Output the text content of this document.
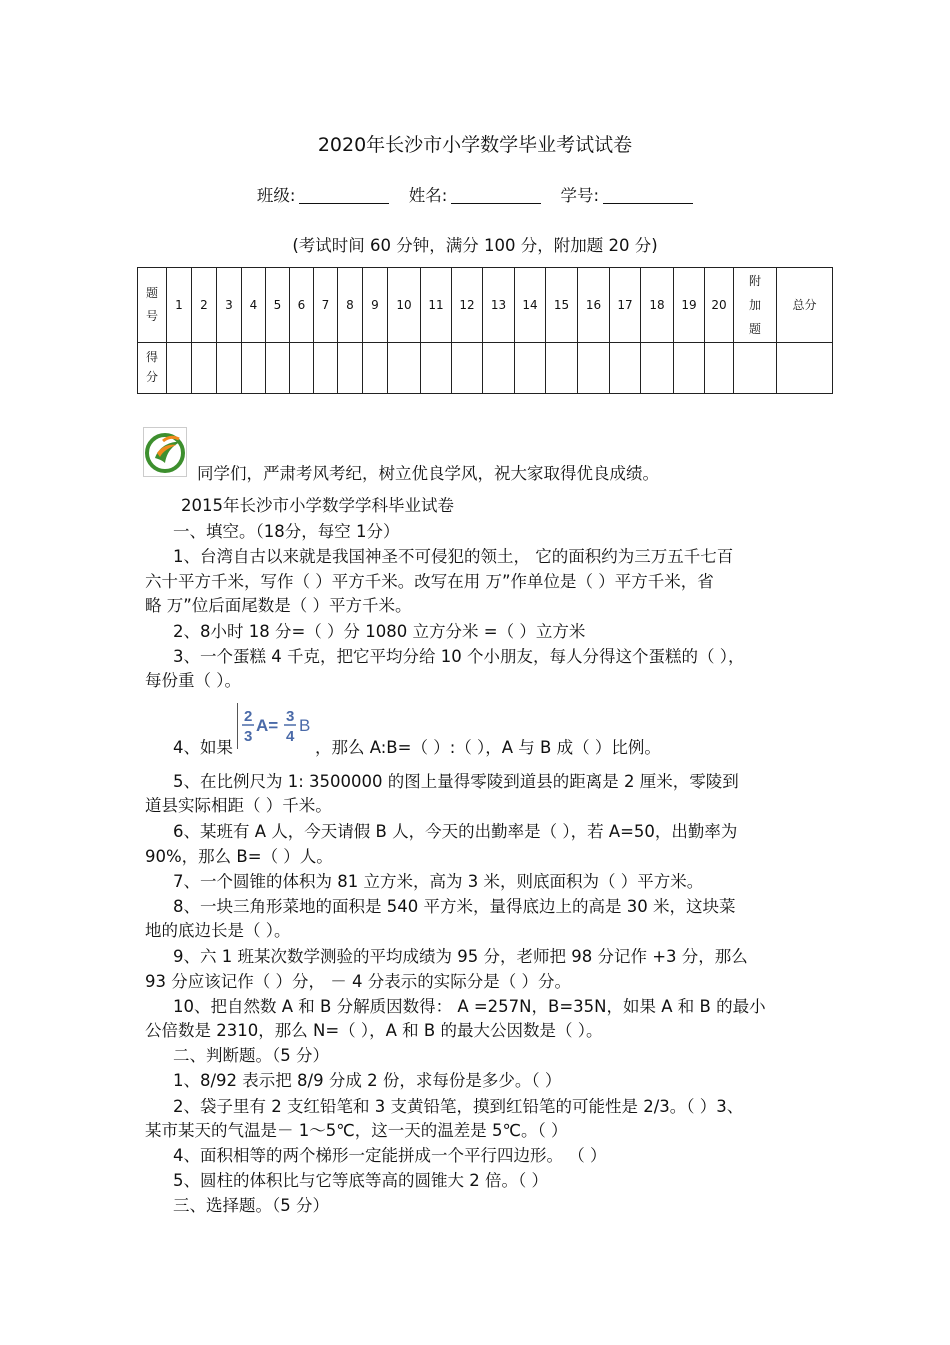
2020年长沙市小学数学毕业考试试卷
班级:	姓名:	学号:
(考试时间 60 分钟，满分 100 分，附加题 20 分)
题号	1	2	3	4	5	6	7	8	9	10	11	12	13	14	15	16	17	18	19	20	附加题	总分
得分																						
同学们，严肃考风考纪，树立优良学风，祝大家取得优良成绩。
2015年长沙市小学数学学科毕业试卷
一、填空。（18分，每空 1分）
1、台湾自古以来就是我国神圣不可侵犯的领土， 它的面积约为三万五千七百
六十平方千米，写作（ ）平方千米。改写在用 万”作单位是（ ）平方千米，省
略 万”位后面尾数是（ ）平方千米。
2、8小时 18 分=（ ）分 1080 立方分米 =（ ）立方米
3、一个蛋糕 4 千克，把它平均分给 10 个小朋友，每人分得这个蛋糕的（ ），
每份重（ ）。
4、如果
2
3
A= 3
4
B
，那么 A:B=（ ）:（ ），A 与 B 成（ ）比例。
5、在比例尺为 1: 3500000 的图上量得零陵到道县的距离是 2 厘米，零陵到
道县实际相距（ ）千米。
6、某班有 A 人，今天请假 B 人，今天的出勤率是（ ），若 A=50，出勤率为
90%，那么 B=（ ）人。
7、一个圆锥的体积为 81 立方米，高为 3 米，则底面积为（ ）平方米。
8、一块三角形菜地的面积是 540 平方米，量得底边上的高是 30 米，这块菜
地的底边长是（ ）。
9、六 1 班某次数学测验的平均成绩为 95 分，老师把 98 分记作 +3 分，那么
93 分应该记作（ ）分， － 4 分表示的实际分是（ ）分。
10、把自然数 A 和 B 分解质因数得： A =257N，B=35N，如果 A 和 B 的最小
公倍数是 2310，那么 N=（ ），A 和 B 的最大公因数是（ ）。
二、判断题。（5 分）
1、8/92 表示把 8/9 分成 2 份，求每份是多少。（ ）
2、袋子里有 2 支红铅笔和 3 支黄铅笔，摸到红铅笔的可能性是 2/3。（ ）3、
某市某天的气温是－ 1～5℃，这一天的温差是 5℃。（ ）
4、面积相等的两个梯形一定能拼成一个平行四边形。 （ ）
5、圆柱的体积比与它等底等高的圆锥大 2 倍。（ ）
三、选择题。（5 分）
